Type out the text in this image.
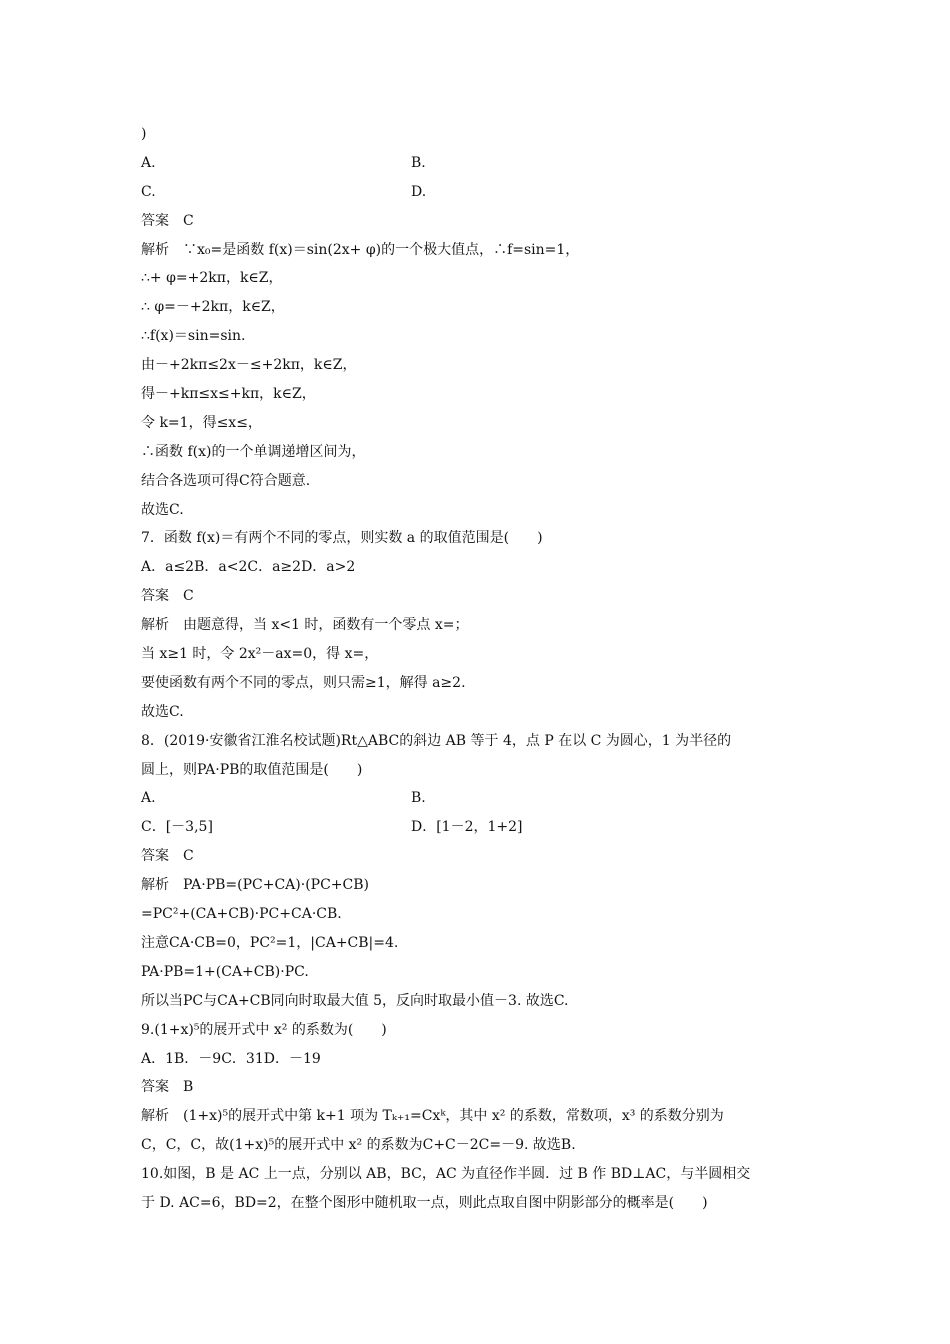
)
A.	B.
C.	D.
答案　C
解析　∵x₀=是函数 f(x)＝sin(2x+ φ)的一个极大值点，∴f=sin=1，
∴+ φ=+2kπ，k∈Z，
∴ φ=－+2kπ，k∈Z，
∴f(x)＝sin=sin.
由－+2kπ≤2x－≤+2kπ，k∈Z，
得－+kπ≤x≤+kπ，k∈Z，
令 k=1，得≤x≤，
∴函数 f(x)的一个单调递增区间为，
结合各选项可得C符合题意.
故选C.
7．函数 f(x)＝有两个不同的零点，则实数 a 的取值范围是(　　)
A．a≤2B．a<2C．a≥2D．a>2
答案　C
解析　由题意得，当 x<1 时，函数有一个零点 x=；
当 x≥1 时，令 2x²－ax=0，得 x=，
要使函数有两个不同的零点，则只需≥1，解得 a≥2.
故选C.
8．(2019·安徽省江淮名校试题)Rt△ABC的斜边 AB 等于 4，点 P 在以 C 为圆心，1 为半径的
圆上，则PA·PB的取值范围是(　　)
A.	B.
C．[－3,5]	D．[1－2，1+2]
答案　C
解析　PA·PB=(PC+CA)·(PC+CB)
=PC²+(CA+CB)·PC+CA·CB.
注意CA·CB=0，PC²=1，|CA+CB|=4.
PA·PB=1+(CA+CB)·PC.
所以当PC与CA+CB同向时取最大值 5，反向时取最小值－3. 故选C.
9.(1+x)⁵的展开式中 x² 的系数为(　　)
A．1B．－9C．31D．－19
答案　B
解析　(1+x)⁵的展开式中第 k+1 项为 Tₖ₊₁=Cxᵏ，其中 x² 的系数，常数项，x³ 的系数分别为
C，C，C，故(1+x)⁵的展开式中 x² 的系数为C+C－2C=－9. 故选B.
10.如图，B 是 AC 上一点，分别以 AB，BC，AC 为直径作半圆．过 B 作 BD⊥AC，与半圆相交
于 D. AC=6，BD=2，在整个图形中随机取一点，则此点取自图中阴影部分的概率是(　　)
